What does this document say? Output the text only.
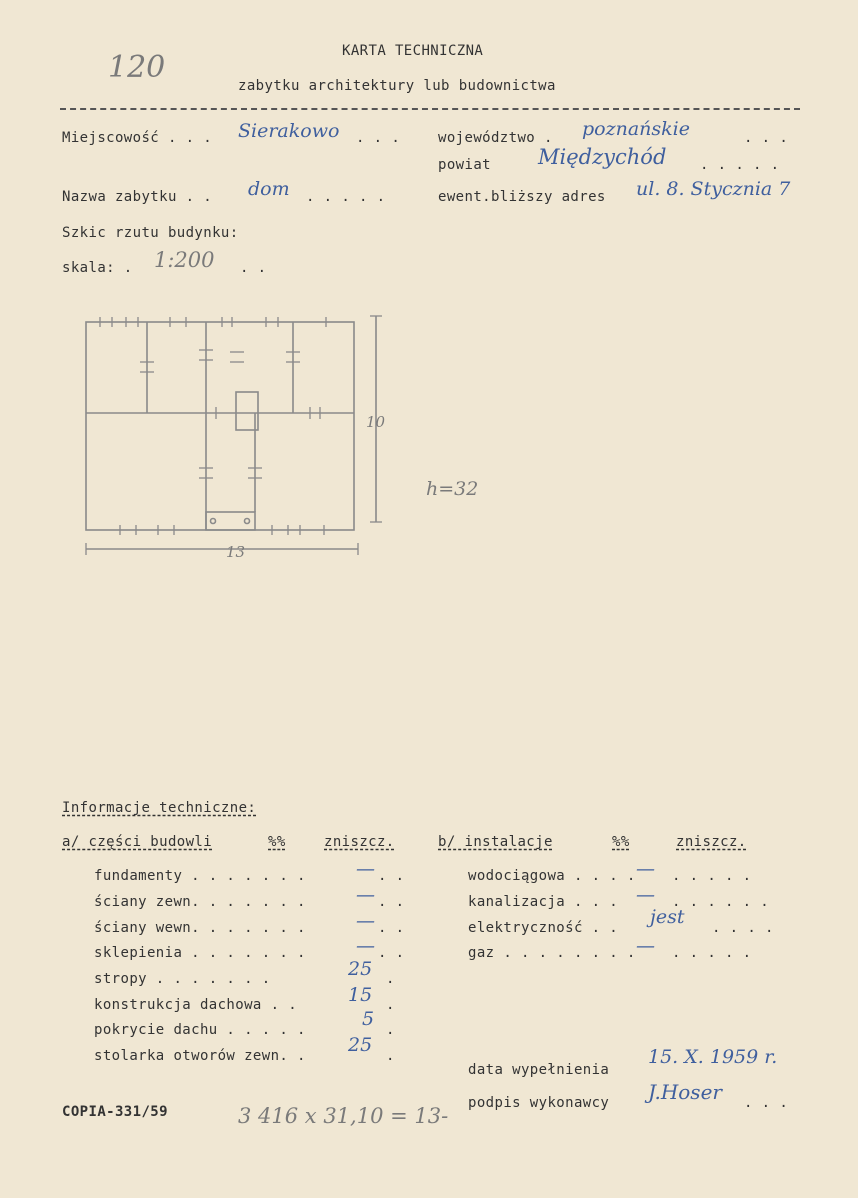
120	KARTA TECHNICZNA
zabytku architektury lub budownictwa
Miejscowość . . . Sierakowo . . .	województwo . poznańskie	. . .
powiat Międzychód . . . . .
Nazwa zabytku . . dom . . . . .	ewent.bliższy adres ul. 8. Stycznia 7
Szkic rzutu budynku:
skala: . 1:200 . .
13
10
h=32
Informacje techniczne:
a/ części budowli	%%	zniszcz.	b/ instalacje	%%	zniszcz.
fundamenty . . . . . . .	— . .
ściany zewn. . . . . . .	— . .
ściany wewn. . . . . . .	— . .
sklepienia . . . . . . .	— . .
stropy . . . . . . .	25 .
konstrukcja dachowa . .	15 .
pokrycie dachu . . . . .	5 .
stolarka otworów zewn. . 25 .
wodociągowa . . . . — . . . . .
kanalizacja . . . — . . . . . .
elektryczność . . jest . . . .
gaz . . . . . . . . — . . . . .
data wypełnienia
15. X. 1959 r.
podpis wykonawcy J.Hoser . . .
COPIA-331/59	3 416 x 31,10 = 13-
